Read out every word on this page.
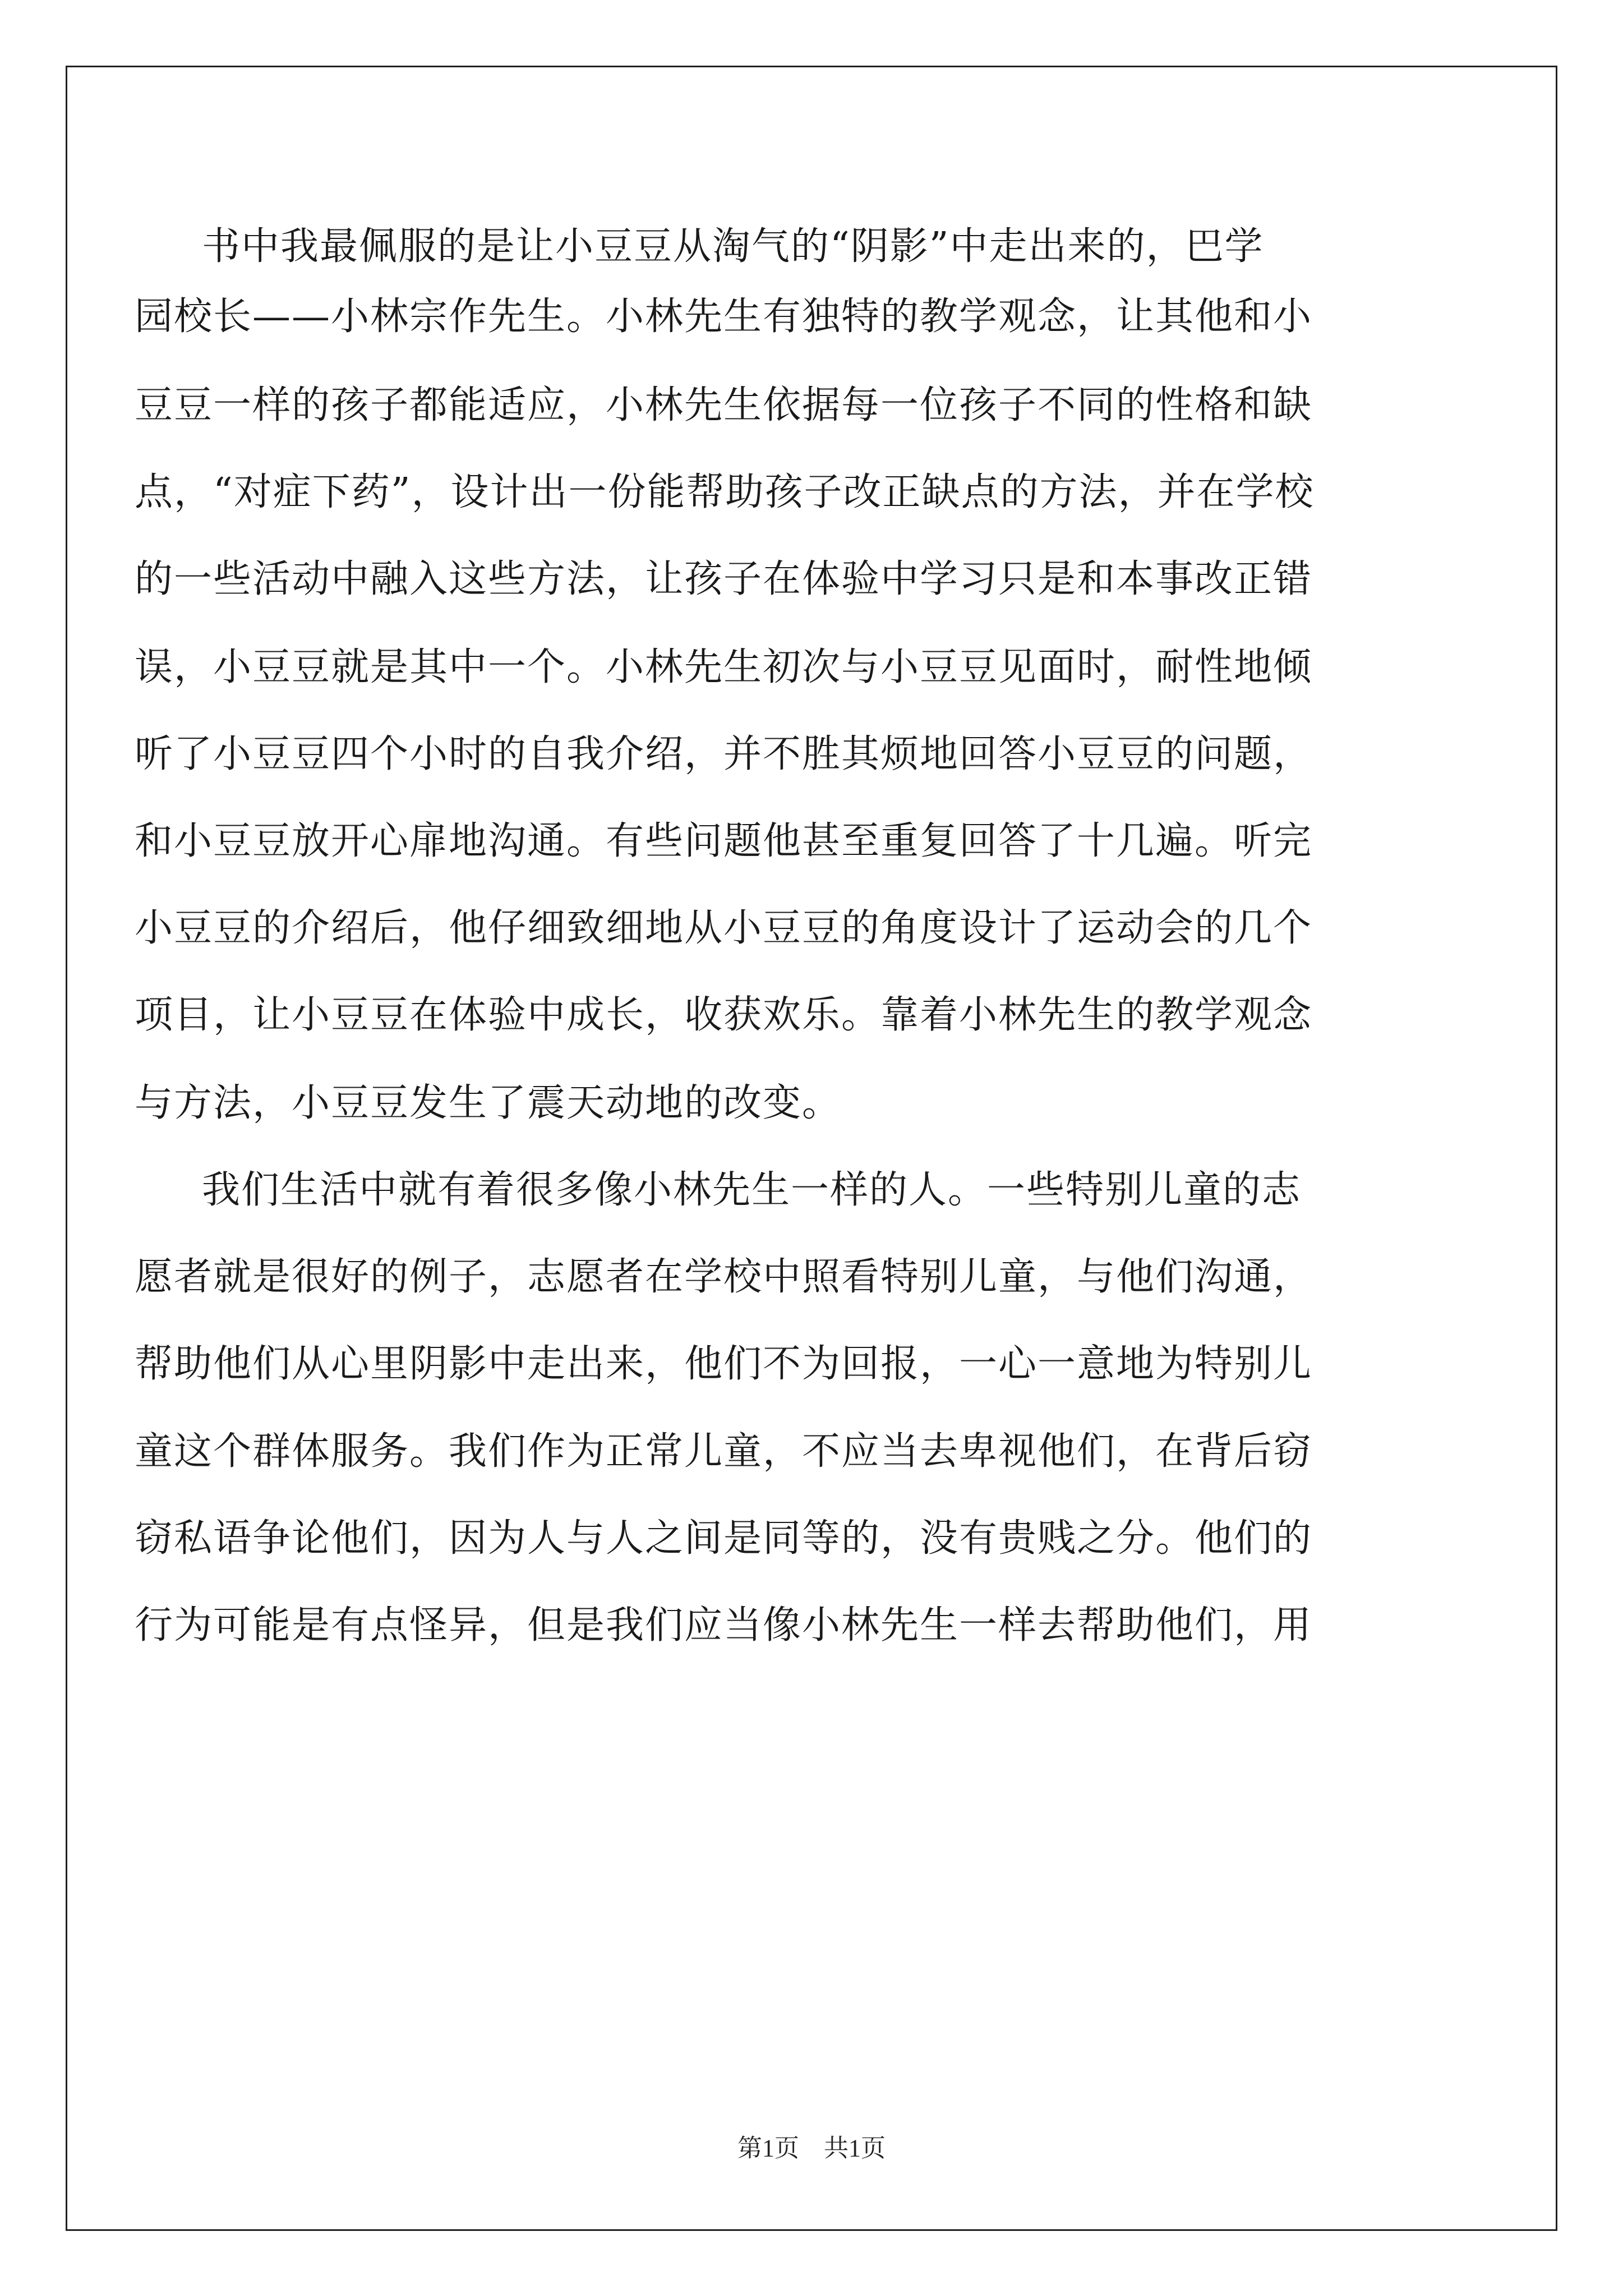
书中我最佩服的是让小豆豆从淘气的“阴影”中走出来的，巴学
园校长——小林宗作先生。小林先生有独特的教学观念，让其他和小
豆豆一样的孩子都能适应，小林先生依据每一位孩子不同的性格和缺
点，“对症下药”，设计出一份能帮助孩子改正缺点的方法，并在学校
的一些活动中融入这些方法，让孩子在体验中学习只是和本事改正错
误，小豆豆就是其中一个。小林先生初次与小豆豆见面时，耐性地倾
听了小豆豆四个小时的自我介绍，并不胜其烦地回答小豆豆的问题，
和小豆豆放开心扉地沟通。有些问题他甚至重复回答了十几遍。听完
小豆豆的介绍后，他仔细致细地从小豆豆的角度设计了运动会的几个
项目，让小豆豆在体验中成长，收获欢乐。靠着小林先生的教学观念
与方法，小豆豆发生了震天动地的改变。
我们生活中就有着很多像小林先生一样的人。一些特别儿童的志
愿者就是很好的例子，志愿者在学校中照看特别儿童，与他们沟通，
帮助他们从心里阴影中走出来，他们不为回报，一心一意地为特别儿
童这个群体服务。我们作为正常儿童，不应当去卑视他们，在背后窃
窃私语争论他们，因为人与人之间是同等的，没有贵贱之分。他们的
行为可能是有点怪异，但是我们应当像小林先生一样去帮助他们，用
第1页　共1页
